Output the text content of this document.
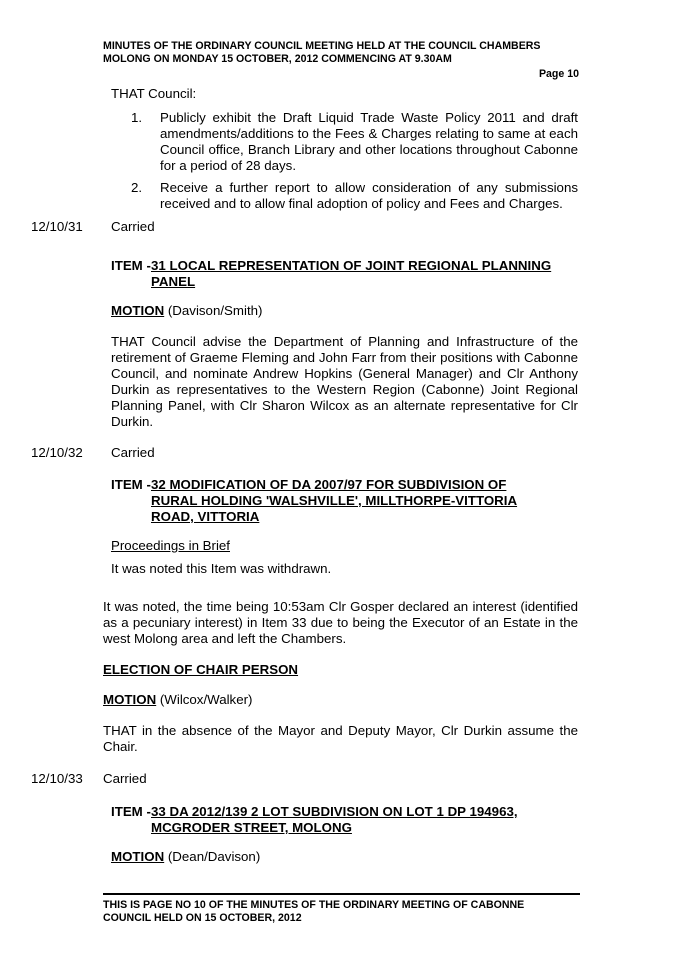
MINUTES OF THE ORDINARY COUNCIL MEETING HELD AT THE COUNCIL CHAMBERS
MOLONG ON MONDAY 15 OCTOBER, 2012 COMMENCING AT 9.30AM
Page 10
THAT Council:
1. Publicly exhibit the Draft Liquid Trade Waste Policy 2011 and draft amendments/additions to the Fees & Charges relating to same at each Council office, Branch Library and other locations throughout Cabonne for a period of 28 days.
2. Receive a further report to allow consideration of any submissions received and to allow final adoption of policy and Fees and Charges.
12/10/31 Carried
ITEM -31 LOCAL REPRESENTATION OF JOINT REGIONAL PLANNING
PANEL
MOTION (Davison/Smith)
THAT Council advise the Department of Planning and Infrastructure of the retirement of Graeme Fleming and John Farr from their positions with Cabonne Council, and nominate Andrew Hopkins (General Manager) and Clr Anthony Durkin as representatives to the Western Region (Cabonne) Joint Regional Planning Panel, with Clr Sharon Wilcox as an alternate representative for Clr Durkin.
12/10/32 Carried
ITEM -32 MODIFICATION OF DA 2007/97 FOR SUBDIVISION OF
RURAL HOLDING 'WALSHVILLE', MILLTHORPE-VITTORIA
ROAD, VITTORIA
Proceedings in Brief
It was noted this Item was withdrawn.
It was noted, the time being 10:53am Clr Gosper declared an interest (identified as a pecuniary interest) in Item 33 due to being the Executor of an Estate in the west Molong area and left the Chambers.
ELECTION OF CHAIR PERSON
MOTION (Wilcox/Walker)
THAT in the absence of the Mayor and Deputy Mayor, Clr Durkin assume the Chair.
12/10/33 Carried
ITEM -33 DA 2012/139 2 LOT SUBDIVISION ON LOT 1 DP 194963,
MCGRODER STREET, MOLONG
MOTION (Dean/Davison)
THIS IS PAGE NO 10 OF THE MINUTES OF THE ORDINARY MEETING OF CABONNE
COUNCIL HELD ON 15 OCTOBER, 2012
